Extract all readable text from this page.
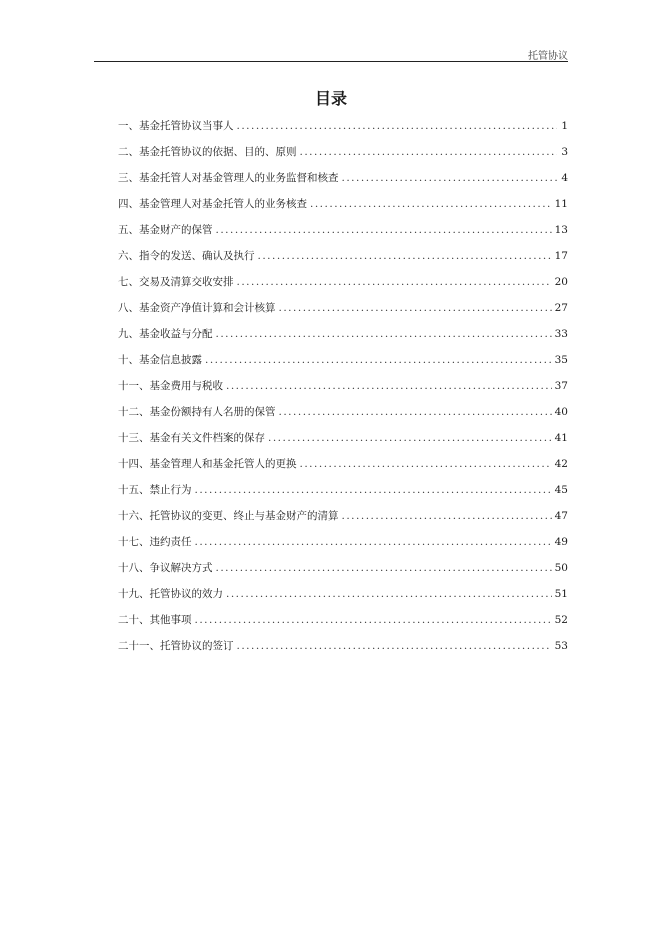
托管协议
目录
一、基金托管协议当事人 .....	1
二、基金托管协议的依据、目的、原则 .....	3
三、基金托管人对基金管理人的业务监督和核查 .....	4
四、基金管理人对基金托管人的业务核查 .....	11
五、基金财产的保管 .....	13
六、指令的发送、确认及执行 .....	17
七、交易及清算交收安排 .....	20
八、基金资产净值计算和会计核算 .....	27
九、基金收益与分配 .....	33
十、基金信息披露 .....	35
十一、基金费用与税收 .....	37
十二、基金份额持有人名册的保管 .....	40
十三、基金有关文件档案的保存 .....	41
十四、基金管理人和基金托管人的更换 .....	42
十五、禁止行为 .....	45
十六、托管协议的变更、终止与基金财产的清算 .....	47
十七、违约责任 .....	49
十八、争议解决方式 .....	50
十九、托管协议的效力 .....	51
二十、其他事项 .....	52
二十一、托管协议的签订 .....	53
